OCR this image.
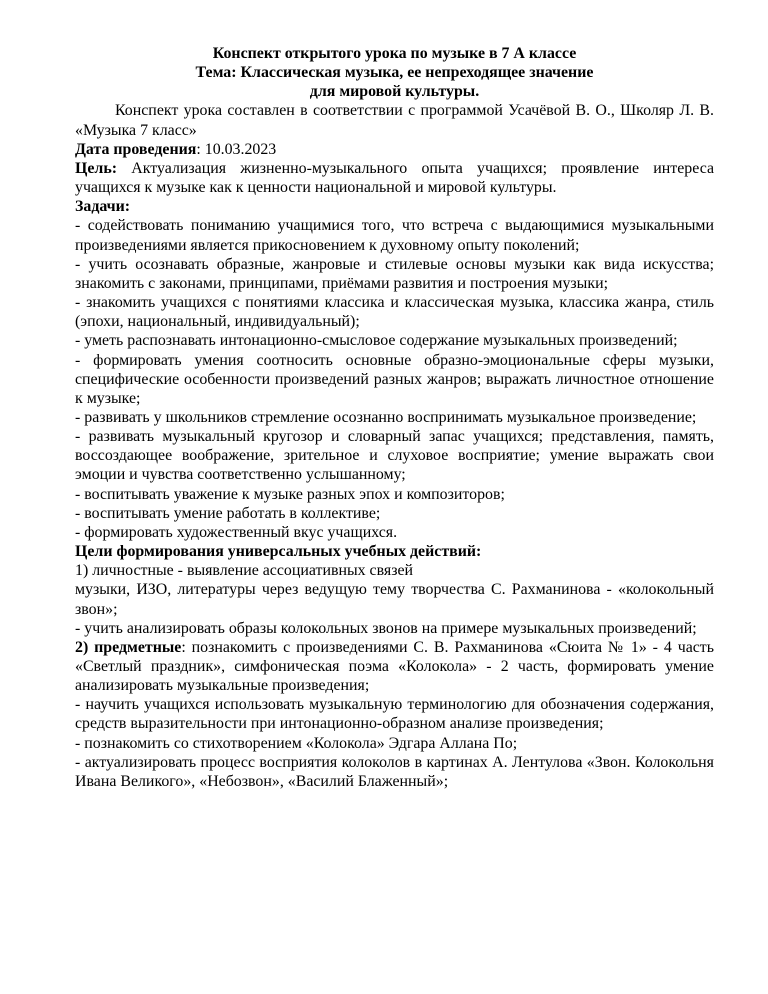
Конспект открытого урока по музыке в 7 А классе
Тема: Классическая музыка, ее непреходящее значение
для мировой культуры.
Конспект урока составлен в соответствии с программой Усачёвой В. О., Школяр Л. В. «Музыка 7 класс»
Дата проведения: 10.03.2023
Цель: Актуализация жизненно-музыкального опыта учащихся; проявление интереса учащихся к музыке как к ценности национальной и мировой культуры.
Задачи:
- содействовать пониманию учащимися того, что встреча с выдающимися музыкальными произведениями является прикосновением к духовному опыту поколений;
- учить осознавать образные, жанровые и стилевые основы музыки как вида искусства; знакомить с законами, принципами, приёмами развития и построения музыки;
- знакомить учащихся с понятиями классика и классическая музыка, классика жанра, стиль (эпохи, национальный, индивидуальный);
- уметь распознавать интонационно-смысловое содержание музыкальных произведений;
- формировать умения соотносить основные образно-эмоциональные сферы музыки, специфические особенности произведений разных жанров; выражать личностное отношение к музыке;
- развивать у школьников стремление осознанно воспринимать музыкальное произведение;
- развивать музыкальный кругозор и словарный запас учащихся; представления, память, воссоздающее воображение, зрительное и слуховое восприятие; умение выражать свои эмоции и чувства соответственно услышанному;
- воспитывать уважение к музыке разных эпох и композиторов;
- воспитывать умение работать в коллективе;
- формировать художественный вкус учащихся.
Цели формирования универсальных учебных действий:
1) личностные - выявление ассоциативных связей
музыки, ИЗО, литературы через ведущую тему творчества С. Рахманинова - «колокольный звон»;
- учить анализировать образы колокольных звонов на примере музыкальных произведений;
2) предметные: познакомить с произведениями С. В. Рахманинова «Сюита № 1» - 4 часть «Светлый праздник», симфоническая поэма «Колокола» - 2 часть, формировать умение анализировать музыкальные произведения;
- научить учащихся использовать музыкальную терминологию для обозначения содержания, средств выразительности при интонационно-образном анализе произведения;
- познакомить со стихотворением «Колокола» Эдгара Аллана По;
- актуализировать процесс восприятия колоколов в картинах А. Лентулова «Звон. Колокольня Ивана Великого», «Небозвон», «Василий Блаженный»;
